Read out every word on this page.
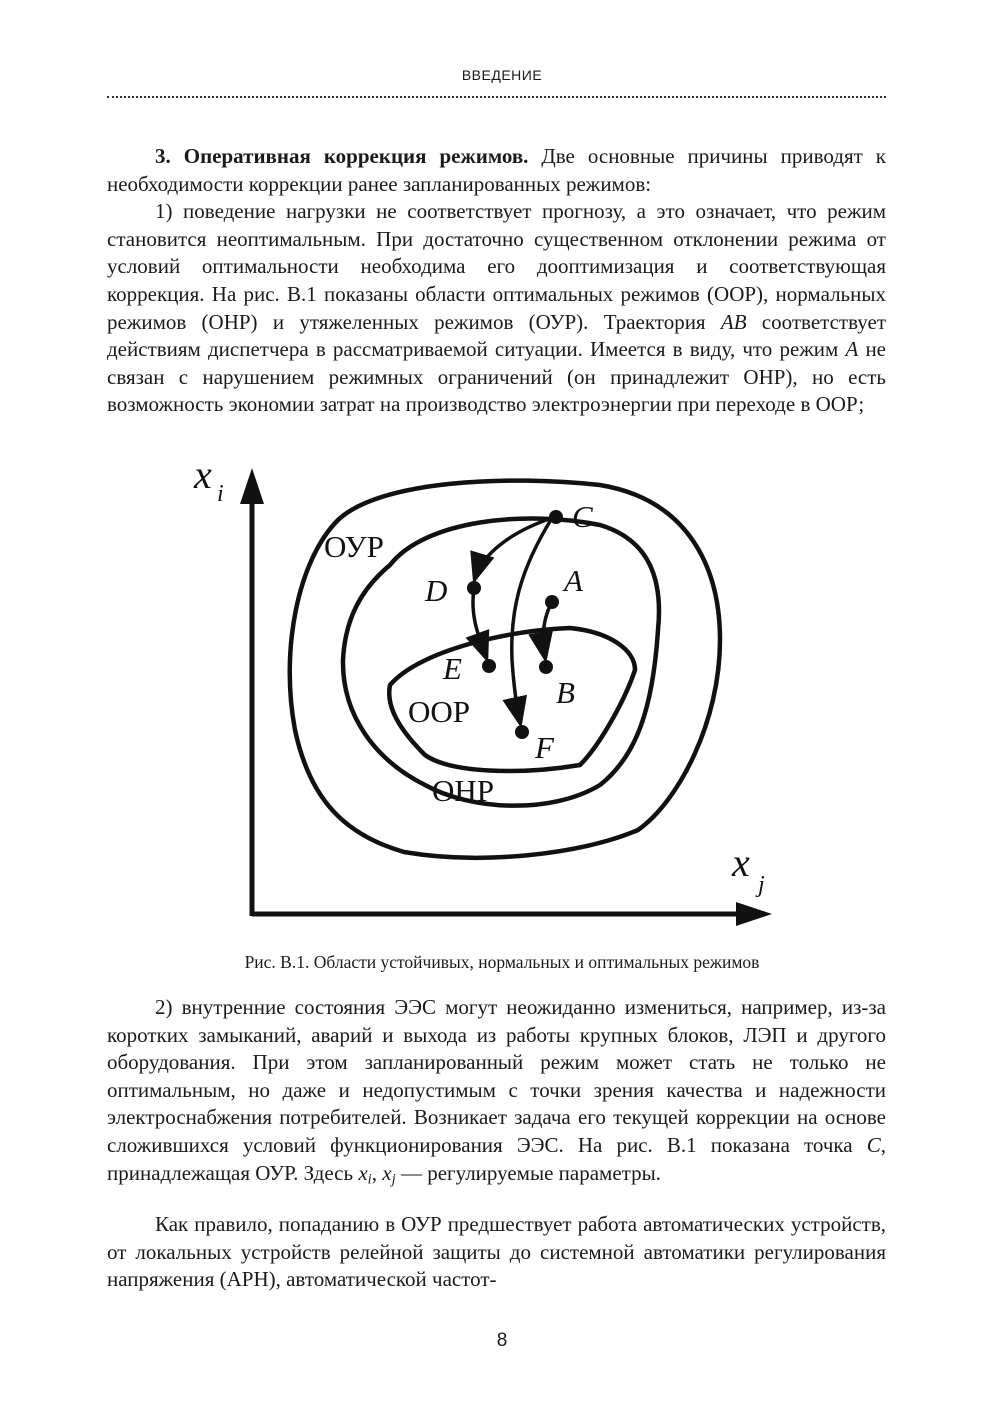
ВВЕДЕНИЕ

3. Оперативная коррекция режимов. Две основные причины приводят к необходимости коррекции ранее запланированных режимов:

1) поведение нагрузки не соответствует прогнозу, а это означает, что режим становится неоптимальным. При достаточно существенном отклонении режима от условий оптимальности необходима его дооптимизация и соответствующая коррекция. На рис. В.1 показаны области оптимальных режимов (ООР), нормальных режимов (ОНР) и утяжеленных режимов (ОУР). Траектория AB соответствует действиям диспетчера в рассматриваемой ситуации. Имеется в виду, что режим A не связан с нарушением режимных ограничений (он принадлежит ОНР), но есть возможность экономии затрат на производство электроэнергии при переходе в ООР;

x i
x j
ОУР
ОНР
ООР
C
D	A
E
B
F
Рис. В.1. Области устойчивых, нормальных и оптимальных режимов

2) внутренние состояния ЭЭС могут неожиданно измениться, например, из-за коротких замыканий, аварий и выхода из работы крупных блоков, ЛЭП и другого оборудования. При этом запланированный режим может стать не только не оптимальным, но даже и недопустимым с точки зрения качества и надежности электроснабжения потребителей. Возникает задача его текущей коррекции на основе сложившихся условий функционирования ЭЭС. На рис. В.1 показана точка C, принадлежащая ОУР. Здесь $x_i$, $x_j$ — регулируемые параметры.

Как правило, попаданию в ОУР предшествует работа автоматических устройств, от локальных устройств релейной защиты до системной автоматики регулирования напряжения (АРН), автоматической частот-

8
